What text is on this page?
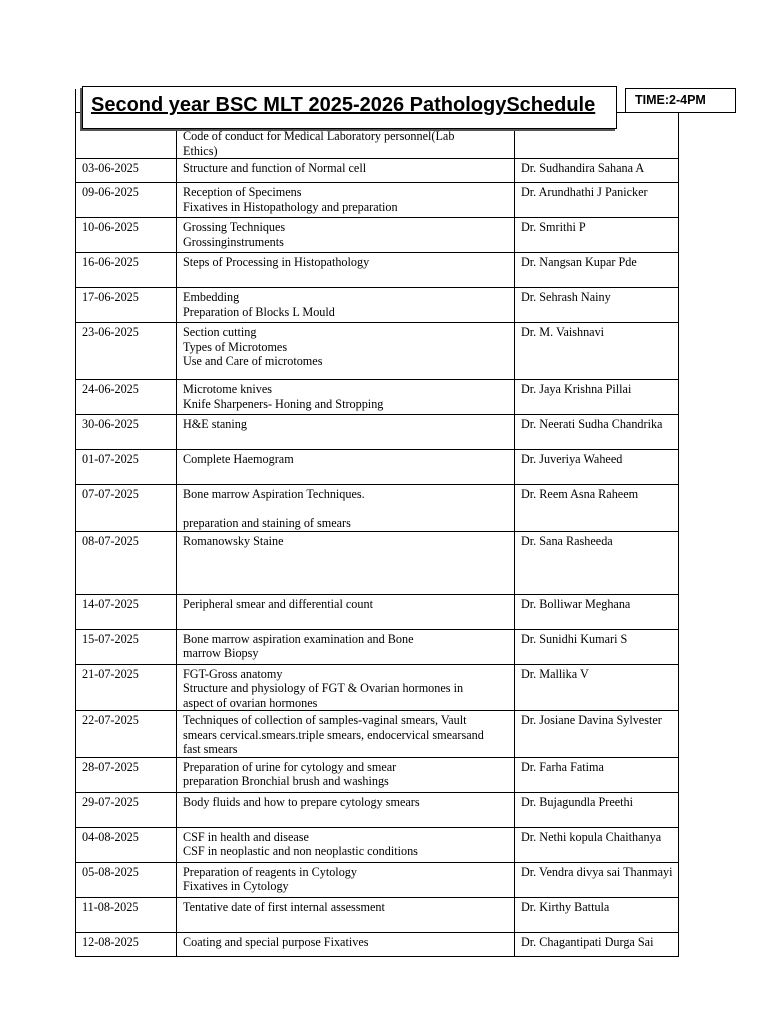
	Code of conduct for Medical Laboratory personnel(Lab
Ethics)	

03-06-2025	Structure and function of Normal cell	Dr. Sudhandira Sahana A
09-06-2025	Reception of Specimens
Fixatives in Histopathology and preparation	Dr. Arundhathi J Panicker
10-06-2025	Grossing Techniques
Grossinginstruments	Dr. Smrithi P
16-06-2025	Steps of Processing in Histopathology	Dr. Nangsan Kupar Pde
17-06-2025	Embedding
Preparation of Blocks L Mould	Dr. Sehrash Nainy
23-06-2025	Section cutting
Types of Microtomes
Use and Care of microtomes	Dr. M. Vaishnavi
24-06-2025	Microtome knives
Knife Sharpeners- Honing and Stropping	Dr. Jaya Krishna Pillai
30-06-2025	H&E staning	Dr. Neerati Sudha Chandrika
01-07-2025	Complete Haemogram	Dr. Juveriya Waheed
07-07-2025	Bone marrow Aspiration Techniques.
preparation and staining of smears	Dr. Reem Asna Raheem
08-07-2025	Romanowsky Staine	Dr. Sana Rasheeda
14-07-2025	Peripheral smear and differential count	Dr. Bolliwar Meghana
15-07-2025	Bone marrow aspiration examination and Bone
marrow Biopsy	Dr. Sunidhi Kumari S
21-07-2025	FGT-Gross anatomy
Structure and physiology of FGT & Ovarian hormones in
aspect of ovarian hormones	Dr. Mallika V
22-07-2025	Techniques of collection of samples-vaginal smears, Vault
smears cervical.smears.triple smears, endocervical smearsand
fast smears	Dr. Josiane Davina Sylvester
28-07-2025	Preparation of urine for cytology and smear
preparation Bronchial brush and washings	Dr. Farha Fatima
29-07-2025	Body fluids and how to prepare cytology smears	Dr. Bujagundla Preethi
04-08-2025	CSF in health and disease
CSF in neoplastic and non neoplastic conditions	Dr. Nethi kopula Chaithanya
05-08-2025	Preparation of reagents in Cytology
Fixatives in Cytology	Dr. Vendra divya sai Thanmayi
11-08-2025	Tentative date of first internal assessment	Dr. Kirthy Battula
12-08-2025	Coating and special purpose Fixatives	Dr. Chagantipati Durga Sai
Second year BSC MLT 2025-2026 PathologySchedule	TIME:2-4PM
